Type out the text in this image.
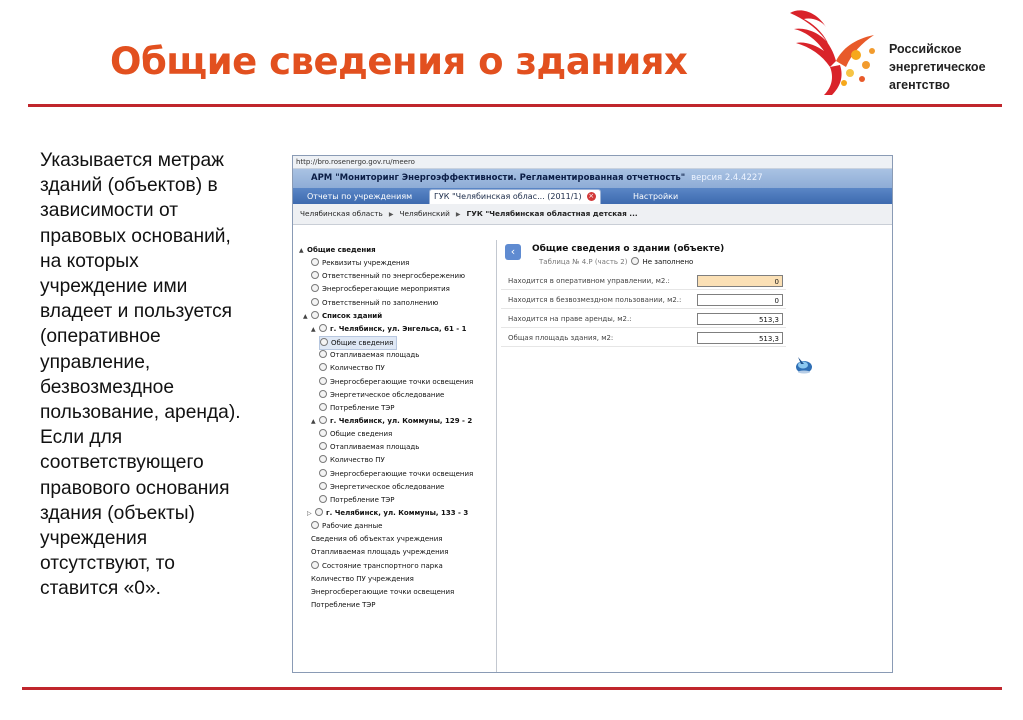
Общие сведения о зданиях	Российское
энергетическое
агентство
Указывается метраж
зданий (объектов) в
зависимости от
правовых оснований,
на которых
учреждение ими
владеет и пользуется
(оперативное
управление,
безвозмездное
пользование, аренда).
Если для
соответствующего
правового основания
здания (объекты)
учреждения
отсутствуют, то
ставится «0».
http://bro.rosenergo.gov.ru/meero
АРМ "Мониторинг Энергоэффективности. Регламентированная отчетность" версия 2.4.4227
Отчеты по учреждениям	ГУК "Челябинская облас... (2011/1) ×	Настройки
Челябинская область ▶ Челябинский ▶ ГУК "Челябинская областная детская ...
▲ Общие сведения
Реквизиты учреждения
Ответственный по энергосбережению
Энергосберегающие мероприятия
Ответственный по заполнению
▲ Список зданий
▲ г. Челябинск, ул. Энгельса, 61 - 1
Общие сведения
Отапливаемая площадь
Количество ПУ
Энергосберегающие точки освещения
Энергетическое обследование
Потребление ТЭР
▲ г. Челябинск, ул. Коммуны, 129 - 2
Общие сведения
Отапливаемая площадь
Количество ПУ
Энергосберегающие точки освещения
Энергетическое обследование
Потребление ТЭР
▷ г. Челябинск, ул. Коммуны, 133 - 3
Рабочие данные
Сведения об объектах учреждения
Отапливаемая площадь учреждения
Состояние транспортного парка
Количество ПУ учреждения
Энергосберегающие точки освещения
Потребление ТЭР
‹	Общие сведения о здании (объекте)
Таблица № 4.Р (часть 2) Не заполнено
Находится в оперативном управлении, м2.:	0
Находится в безвозмездном пользовании, м2.:	0
Находится на праве аренды, м2.:	513,3
Общая площадь здания, м2:	513,3
